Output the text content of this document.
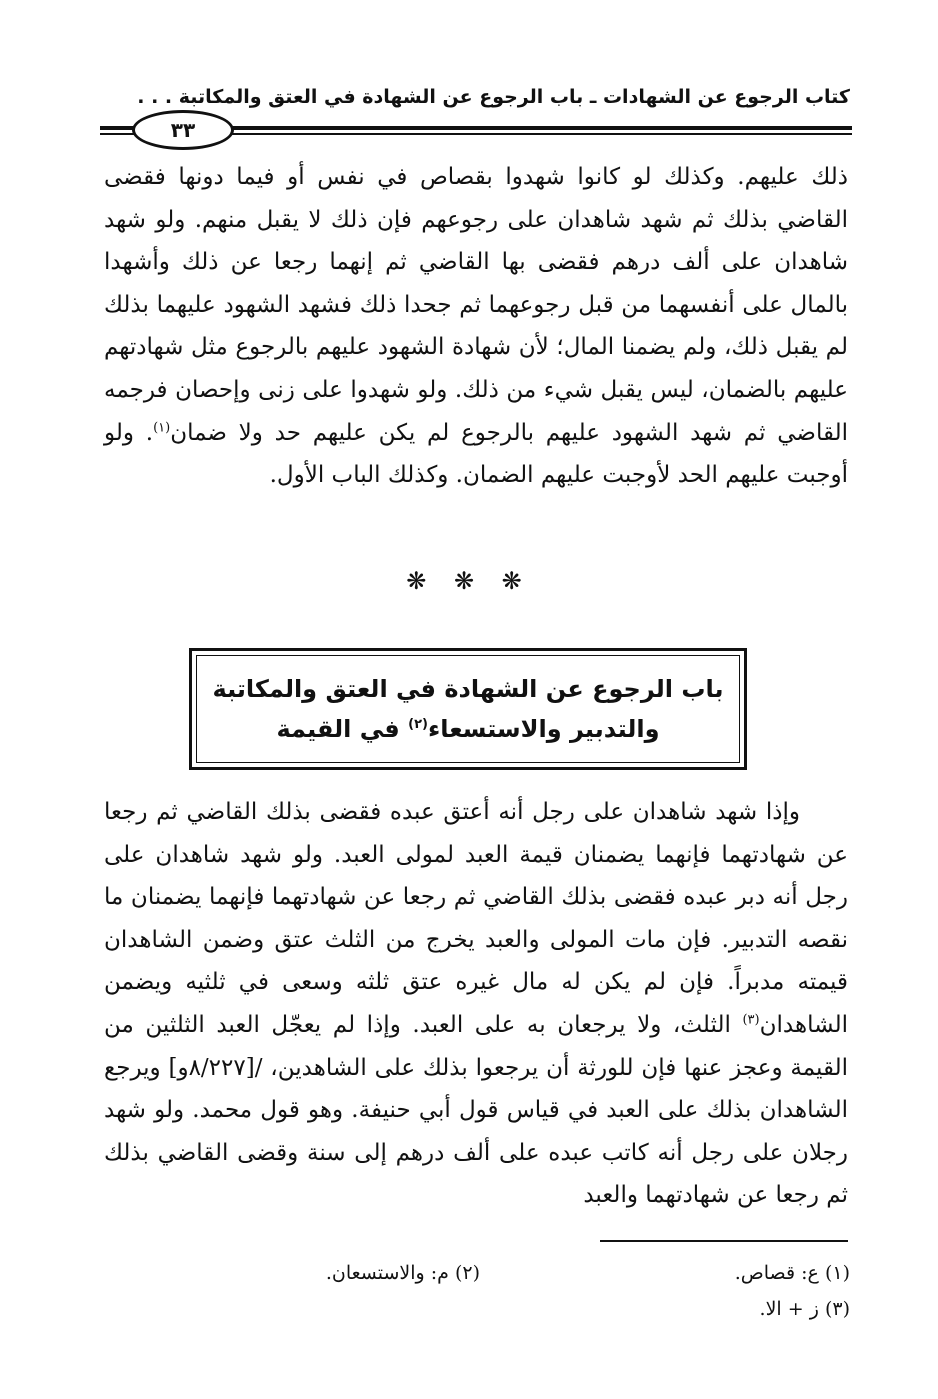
كتاب الرجوع عن الشهادات ـ باب الرجوع عن الشهادة في العتق والمكاتبة . . .
٣٣
ذلك عليهم. وكذلك لو كانوا شهدوا بقصاص في نفس أو فيما دونها فقضى القاضي بذلك ثم شهد شاهدان على رجوعهم فإن ذلك لا يقبل منهم. ولو شهد شاهدان على ألف درهم فقضى بها القاضي ثم إنهما رجعا عن ذلك وأشهدا بالمال على أنفسهما من قبل رجوعهما ثم جحدا ذلك فشهد الشهود عليهما بذلك لم يقبل ذلك، ولم يضمنا المال؛ لأن شهادة الشهود عليهم بالرجوع مثل شهادتهم عليهم بالضمان، ليس يقبل شيء من ذلك. ولو شهدوا على زنى وإحصان فرجمه القاضي ثم شهد الشهود عليهم بالرجوع لم يكن عليهم حد ولا ضمان$^{(١)}$. ولو أوجبت عليهم الحد لأوجبت عليهم الضمان. وكذلك الباب الأول.
❋ ❋ ❋
باب الرجوع عن الشهادة في العتق والمكاتبة
والتدبير والاستسعاء$^{(٢)}$ في القيمة
وإذا شهد شاهدان على رجل أنه أعتق عبده فقضى بذلك القاضي ثم رجعا عن شهادتهما فإنهما يضمنان قيمة العبد لمولى العبد. ولو شهد شاهدان على رجل أنه دبر عبده فقضى بذلك القاضي ثم رجعا عن شهادتهما فإنهما يضمنان ما نقصه التدبير. فإن مات المولى والعبد يخرج من الثلث عتق وضمن الشاهدان قيمته مدبراً. فإن لم يكن له مال غيره عتق ثلثه وسعى في ثلثيه ويضمن الشاهدان$^{(٣)}$ الثلث، ولا يرجعان به على العبد. وإذا لم يعجّل العبد الثلثين من القيمة وعجز عنها فإن للورثة أن يرجعوا بذلك على الشاهدين، /[٨/٢٢٧و] ويرجع الشاهدان بذلك على العبد في قياس قول أبي حنيفة. وهو قول محمد. ولو شهد رجلان على رجل أنه كاتب عبده على ألف درهم إلى سنة وقضى القاضي بذلك ثم رجعا عن شهادتهما والعبد
(١) ع: قصاص.
(٢) م: والاستسعان.
(٣) ز + الا.
